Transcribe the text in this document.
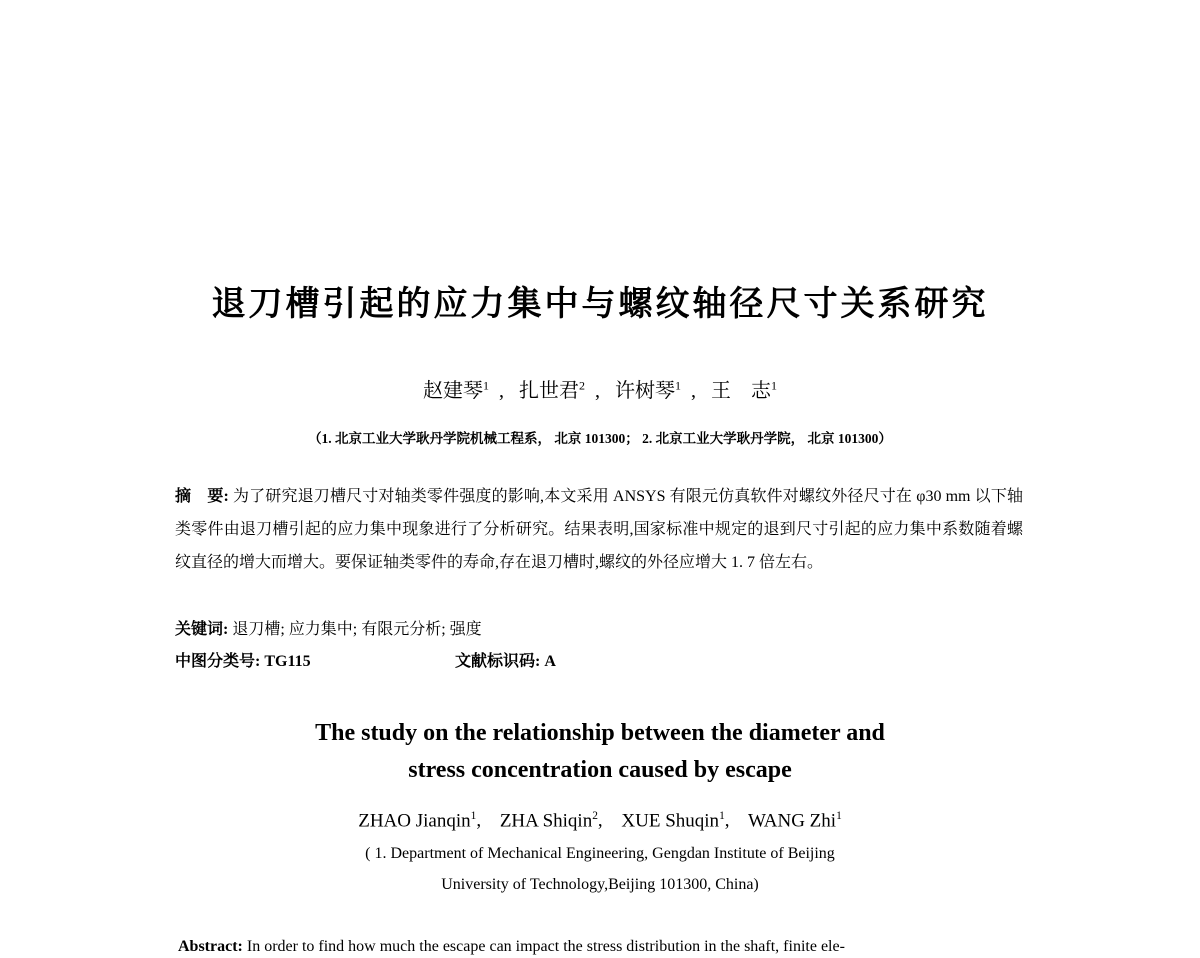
退刀槽引起的应力集中与螺纹轴径尺寸关系研究
赵建琴$^1$ , 扎世君$^2$ , 许树琴$^1$ , 王　志$^1$
（1. 北京工业大学耿丹学院机械工程系， 北京 101300； 2. 北京工业大学耿丹学院， 北京 101300）
摘　要: 为了研究退刀槽尺寸对轴类零件强度的影响,本文采用 ANSYS 有限元仿真软件对螺纹外径尺寸在 φ30 mm 以下轴类零件由退刀槽引起的应力集中现象进行了分析研究。结果表明,国家标准中规定的退到尺寸引起的应力集中系数随着螺纹直径的增大而增大。要保证轴类零件的寿命,存在退刀槽时,螺纹的外径应增大 1. 7 倍左右。
关键词: 退刀槽; 应力集中; 有限元分析; 强度
中图分类号: TG115	文献标识码: A
The study on the relationship between the diameter and
stress concentration caused by escape
ZHAO Jianqin$^1$, ZHA Shiqin$^2$, XUE Shuqin$^1$, WANG Zhi$^1$
( 1. Department of Mechanical Engineering, Gengdan Institute of Beijing
University of Technology,Beijing 101300, China)
Abstract: In order to find how much the escape can impact the stress distribution in the shaft, finite ele-
